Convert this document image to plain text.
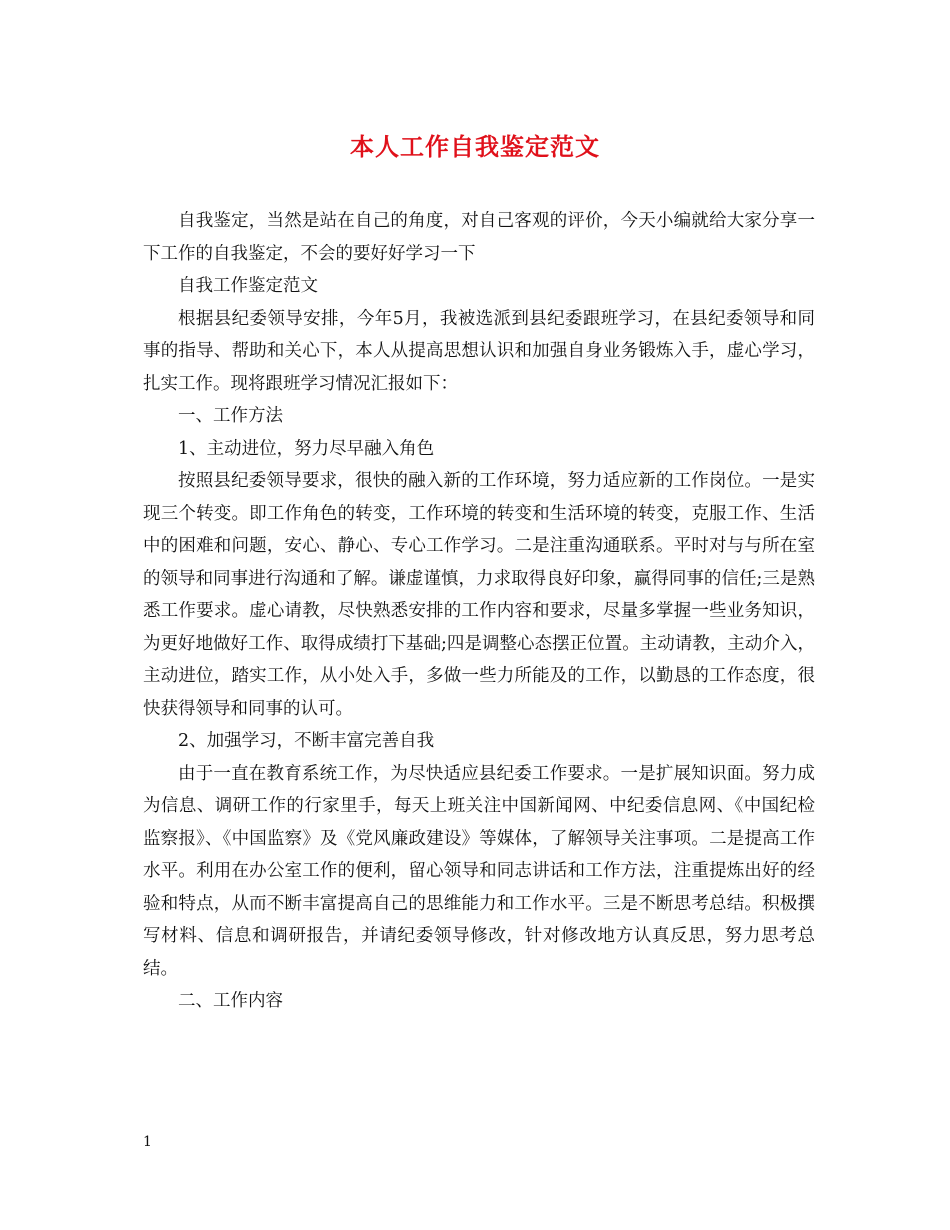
本人工作自我鉴定范文

自我鉴定，当然是站在自己的角度，对自己客观的评价，今天小编就给大家分享一下工作的自我鉴定，不会的要好好学习一下

自我工作鉴定范文

根据县纪委领导安排，今年5月，我被选派到县纪委跟班学习，在县纪委领导和同事的指导、帮助和关心下，本人从提高思想认识和加强自身业务锻炼入手，虚心学习，扎实工作。现将跟班学习情况汇报如下：

一、工作方法

1、主动进位，努力尽早融入角色

按照县纪委领导要求，很快的融入新的工作环境，努力适应新的工作岗位。一是实现三个转变。即工作角色的转变，工作环境的转变和生活环境的转变，克服工作、生活中的困难和问题，安心、静心、专心工作学习。二是注重沟通联系。平时对与与所在室的领导和同事进行沟通和了解。谦虚谨慎，力求取得良好印象，赢得同事的信任;三是熟悉工作要求。虚心请教，尽快熟悉安排的工作内容和要求，尽量多掌握一些业务知识，为更好地做好工作、取得成绩打下基础;四是调整心态摆正位置。主动请教，主动介入，主动进位，踏实工作，从小处入手，多做一些力所能及的工作，以勤恳的工作态度，很快获得领导和同事的认可。

2、加强学习，不断丰富完善自我

由于一直在教育系统工作，为尽快适应县纪委工作要求。一是扩展知识面。努力成为信息、调研工作的行家里手，每天上班关注中国新闻网、中纪委信息网、《中国纪检监察报》、《中国监察》及《党风廉政建设》等媒体，了解领导关注事项。二是提高工作水平。利用在办公室工作的便利，留心领导和同志讲话和工作方法，注重提炼出好的经验和特点，从而不断丰富提高自己的思维能力和工作水平。三是不断思考总结。积极撰写材料、信息和调研报告，并请纪委领导修改，针对修改地方认真反思，努力思考总结。

二、工作内容

1
